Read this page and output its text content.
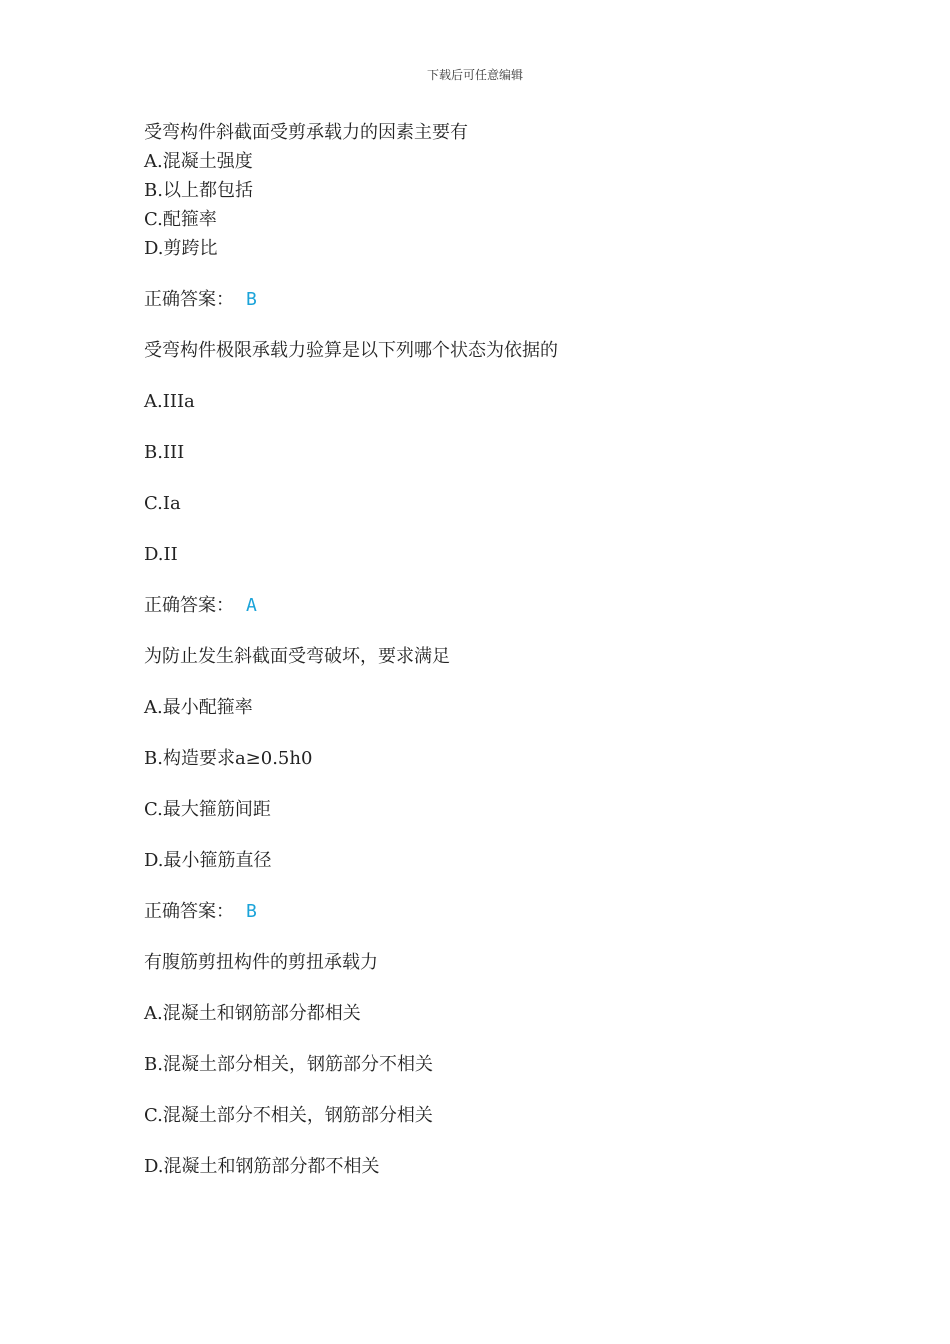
下载后可任意编辑
受弯构件斜截面受剪承载力的因素主要有
A.混凝土强度
B.以上都包括
C.配箍率
D.剪跨比
正确答案： B
受弯构件极限承载力验算是以下列哪个状态为依据的
A.IIIa
B.III
C.Ia
D.II
正确答案： A
为防止发生斜截面受弯破坏，要求满足
A.最小配箍率
B.构造要求a≥0.5h0
C.最大箍筋间距
D.最小箍筋直径
正确答案： B
有腹筋剪扭构件的剪扭承载力
A.混凝土和钢筋部分都相关
B.混凝土部分相关，钢筋部分不相关
C.混凝土部分不相关，钢筋部分相关
D.混凝土和钢筋部分都不相关
